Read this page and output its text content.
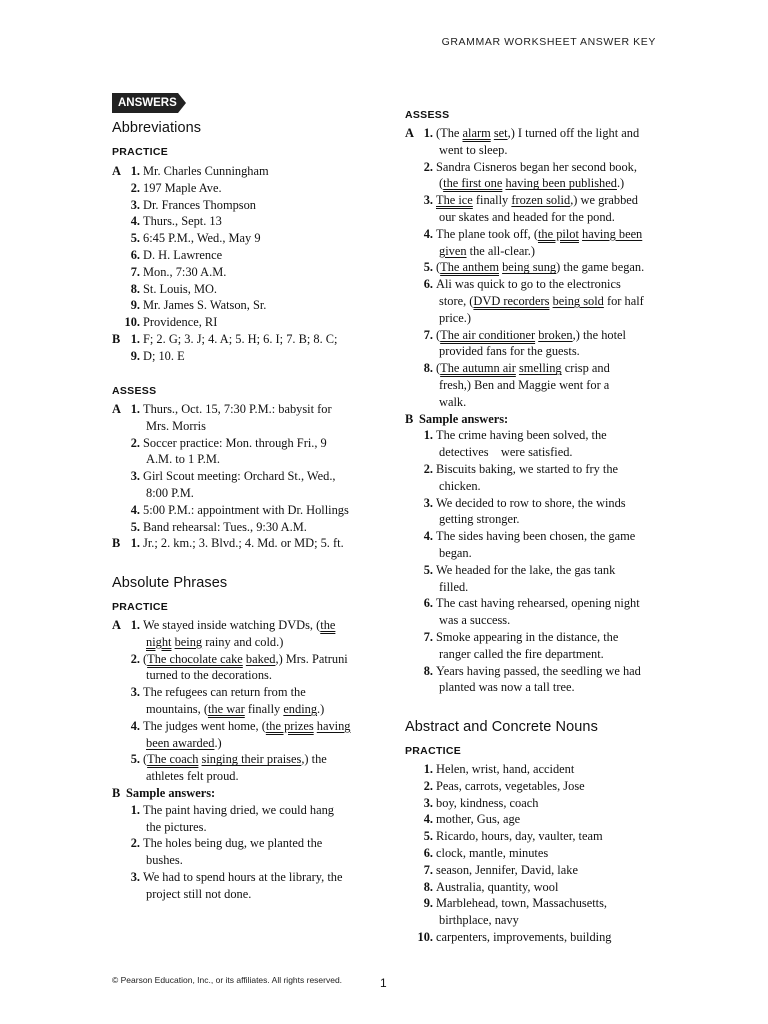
GRAMMAR WORKSHEET ANSWER KEY
ANSWERS
Abbreviations
PRACTICE
A 1. Mr. Charles Cunningham
2. 197 Maple Ave.
3. Dr. Frances Thompson
4. Thurs., Sept. 13
5. 6:45 P.M., Wed., May 9
6. D. H. Lawrence
7. Mon., 7:30 A.M.
8. St. Louis, MO.
9. Mr. James S. Watson, Sr.
10. Providence, RI
B 1. F; 2. G; 3. J; 4. A; 5. H; 6. I; 7. B; 8. C;
9. D; 10. E
ASSESS
A 1. Thurs., Oct. 15, 7:30 P.M.: babysit for
Mrs. Morris
2. Soccer practice: Mon. through Fri., 9
A.M. to 1 P.M.
3. Girl Scout meeting: Orchard St., Wed.,
8:00 P.M.
4. 5:00 P.M.: appointment with Dr. Hollings
5. Band rehearsal: Tues., 9:30 A.M.
B 1. Jr.; 2. km.; 3. Blvd.; 4. Md. or MD; 5. ft.
Absolute Phrases
PRACTICE
A 1. We stayed inside watching DVDs, (the
night being rainy and cold.)
2. (The chocolate cake baked,) Mrs. Patruni
turned to the decorations.
3. The refugees can return from the
mountains, (the war finally ending.)
4. The judges went home, (the prizes having
been awarded.)
5. (The coach singing their praises,) the
athletes felt proud.
B Sample answers:
1. The paint having dried, we could hang
the pictures.
2. The holes being dug, we planted the
bushes.
3. We had to spend hours at the library, the
project still not done.
ASSESS
A 1. (The alarm set,) I turned off the light and
went to sleep.
2. Sandra Cisneros began her second book,
(the first one having been published.)
3. The ice finally frozen solid,) we grabbed
our skates and headed for the pond.
4. The plane took off, (the pilot having been
given the all-clear.)
5. (The anthem being sung) the game began.
6. Ali was quick to go to the electronics
store, (DVD recorders being sold for half
price.)
7. (The air conditioner broken,) the hotel
provided fans for the guests.
8. (The autumn air smelling crisp and
fresh,) Ben and Maggie went for a
walk.
B Sample answers:
1. The crime having been solved, the
detectives    were satisfied.
2. Biscuits baking, we started to fry the
chicken.
3. We decided to row to shore, the winds
getting stronger.
4. The sides having been chosen, the game
began.
5. We headed for the lake, the gas tank
filled.
6. The cast having rehearsed, opening night
was a success.
7. Smoke appearing in the distance, the
ranger called the fire department.
8. Years having passed, the seedling we had
planted was now a tall tree.
Abstract and Concrete Nouns
PRACTICE
1. Helen, wrist, hand, accident
2. Peas, carrots, vegetables, Jose
3. boy, kindness, coach
4. mother, Gus, age
5. Ricardo, hours, day, vaulter, team
6. clock, mantle, minutes
7. season, Jennifer, David, lake
8. Australia, quantity, wool
9. Marblehead, town, Massachusetts,
birthplace, navy
10. carpenters, improvements, building
© Pearson Education, Inc., or its affiliates. All rights reserved.	1
